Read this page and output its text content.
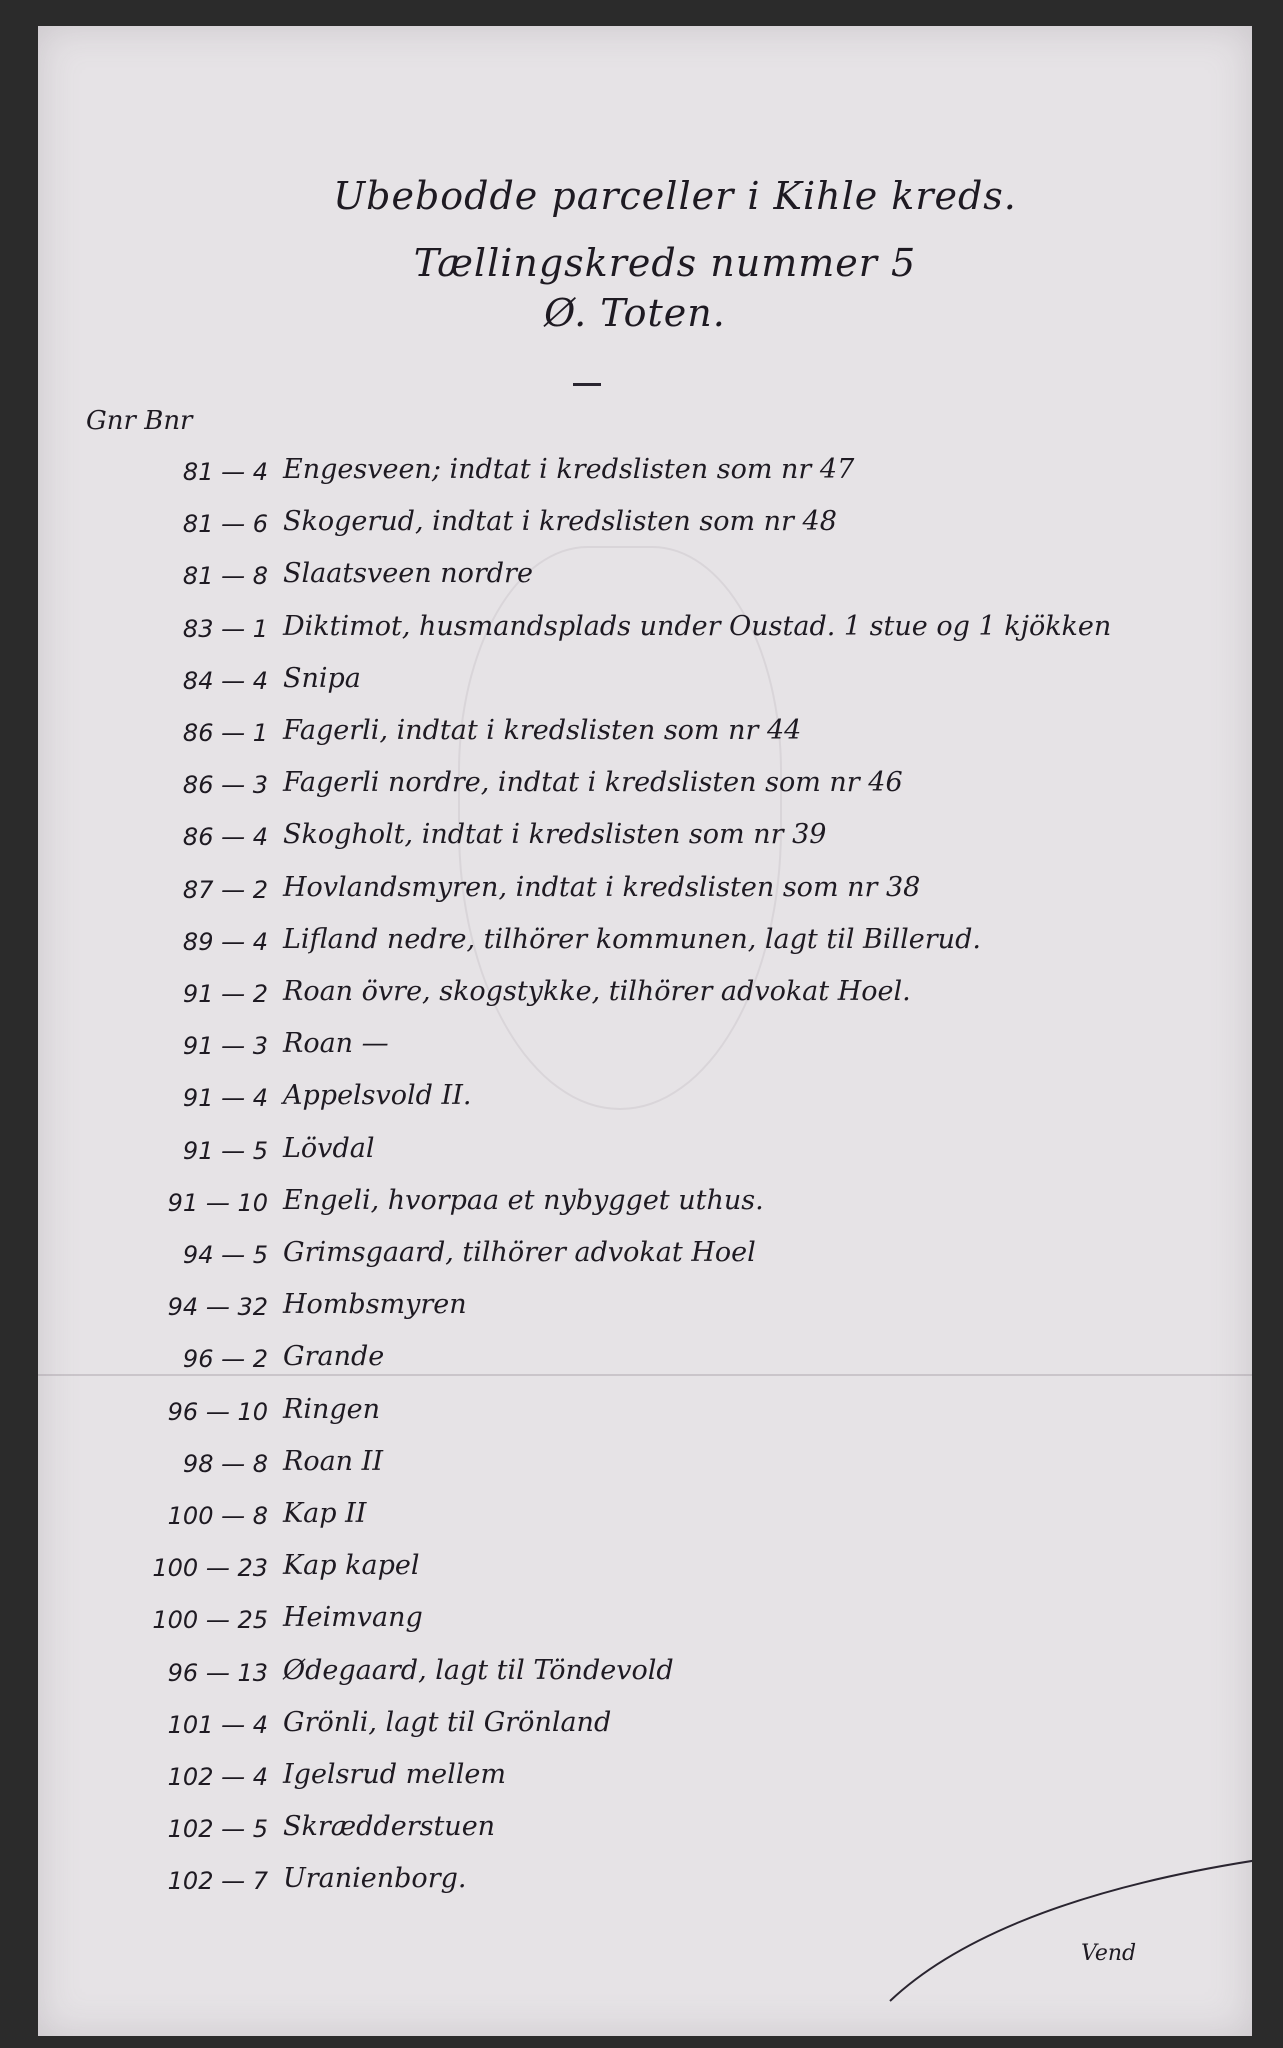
Ubebodde parceller i Kihle kreds.
Tællingskreds nummer 5
Ø. Toten.
Gnr Bnr
81 — 4 Engesveen; indtat i kredslisten som nr 47
81 — 6 Skogerud, indtat i kredslisten som nr 48
81 — 8 Slaatsveen nordre
83 — 1 Diktimot, husmandsplads under Oustad. 1 stue og 1 kjökken
84 — 4 Snipa
86 — 1 Fagerli, indtat i kredslisten som nr 44
86 — 3 Fagerli nordre, indtat i kredslisten som nr 46
86 — 4 Skogholt, indtat i kredslisten som nr 39
87 — 2 Hovlandsmyren, indtat i kredslisten som nr 38
89 — 4 Lifland nedre, tilhörer kommunen, lagt til Billerud.
91 — 2 Roan övre, skogstykke, tilhörer advokat Hoel.
91 — 3 Roan —
91 — 4 Appelsvold II.
91 — 5 Lövdal
91 — 10 Engeli, hvorpaa et nybygget uthus.
94 — 5 Grimsgaard, tilhörer advokat Hoel
94 — 32 Hombsmyren
96 — 2 Grande
96 — 10 Ringen
98 — 8 Roan II
100 — 8 Kap II
100 — 23 Kap kapel
100 — 25 Heimvang
96 — 13 Ødegaard, lagt til Töndevold
101 — 4 Grönli, lagt til Grönland
102 — 4 Igelsrud mellem
102 — 5 Skrædderstuen
102 — 7 Uranienborg.
Vend
